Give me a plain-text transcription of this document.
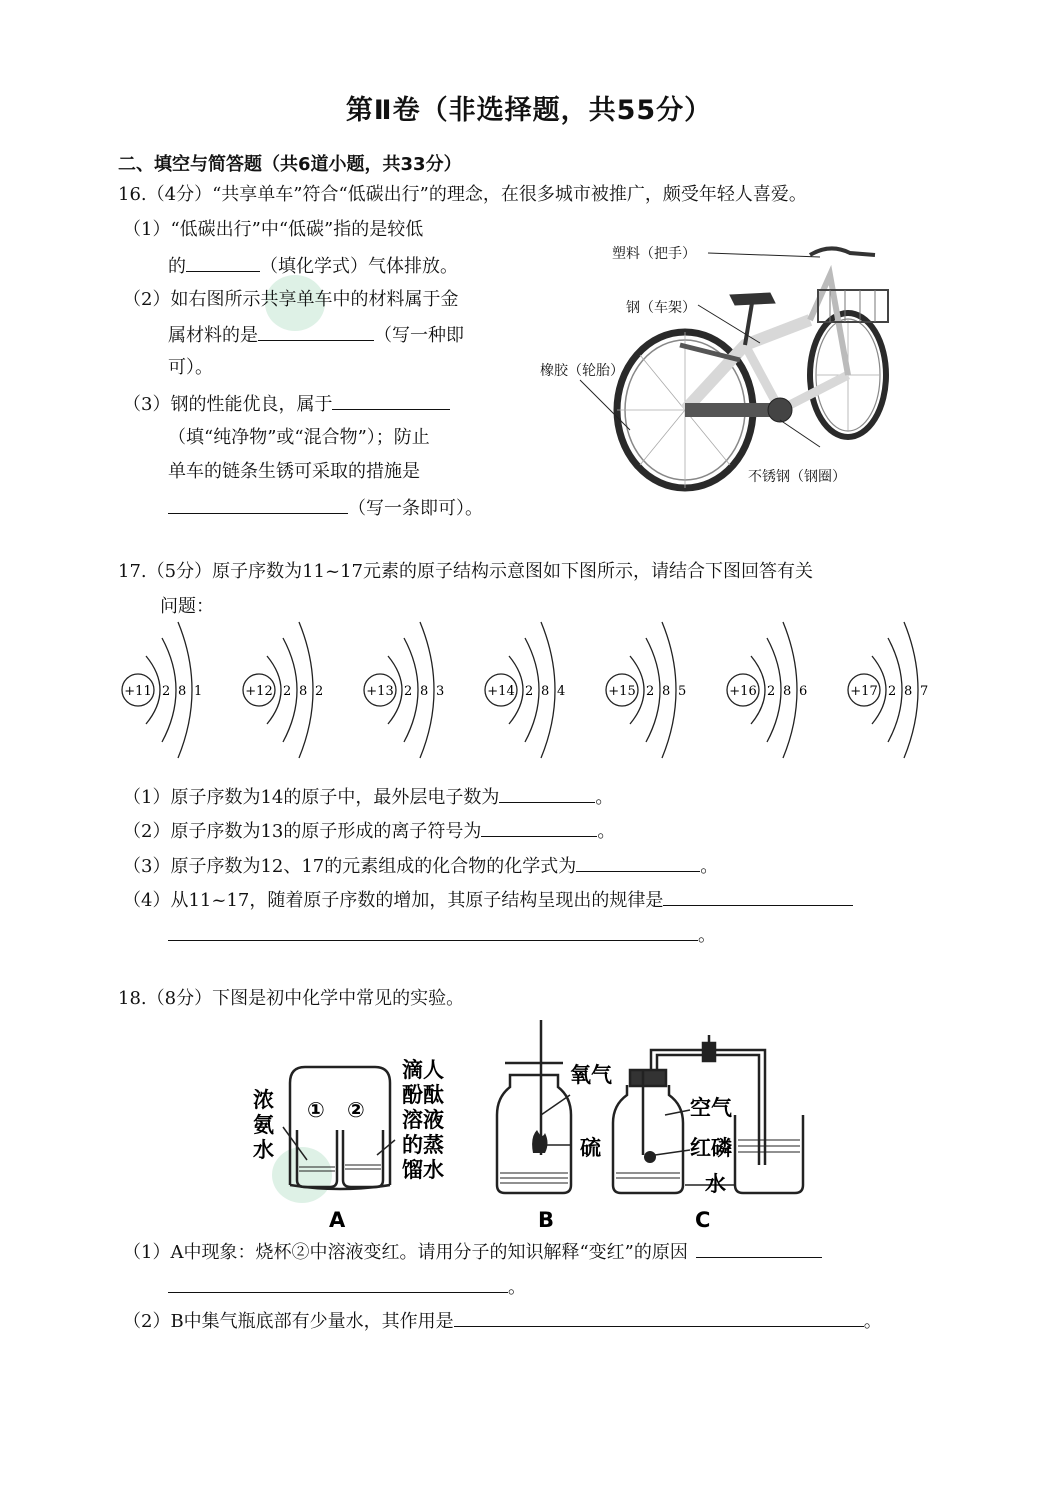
第Ⅱ卷（非选择题，共55分）
二、填空与简答题（共6道小题，共33分）
16.（4分）“共享单车”符合“低碳出行”的理念，在很多城市被推广，颇受年轻人喜爱。
（1）“低碳出行”中“低碳”指的是较低
的	（填化学式）气体排放。
（2）如右图所示共享单车中的材料属于金
属材料的是	（写一种即
可）。
（3）钢的性能优良，属于
（填“纯净物”或“混合物”）；防止
单车的链条生锈可采取的措施是
（写一条即可）。
塑料（把手）
钢（车架）
橡胶（轮胎）
不锈钢（钢圈）
17.（5分）原子序数为11~17元素的原子结构示意图如下图所示，请结合下图回答有关
问题：
+11 2 8 1	+12 2 8 2	+13 2 8 3	+14 2 8 4	+15 2 8 5	+16 2 8 6	+17 2 8 7
（1）原子序数为14的原子中，最外层电子数为	。
（2）原子序数为13的原子形成的离子符号为	。
（3）原子序数为12、17的元素组成的化合物的化学式为	。
（4）从11~17，随着原子序数的增加，其原子结构呈现出的规律是
。
18.（8分）下图是初中化学中常见的实验。
浓
氨
水
① ②
滴人
酚酞
溶液
的蒸
馏水
A
氧气
硫
B
空气
红磷
水
C
（1）A中现象：烧杯②中溶液变红。请用分子的知识解释“变红”的原因
。
（2）B中集气瓶底部有少量水，其作用是	。
